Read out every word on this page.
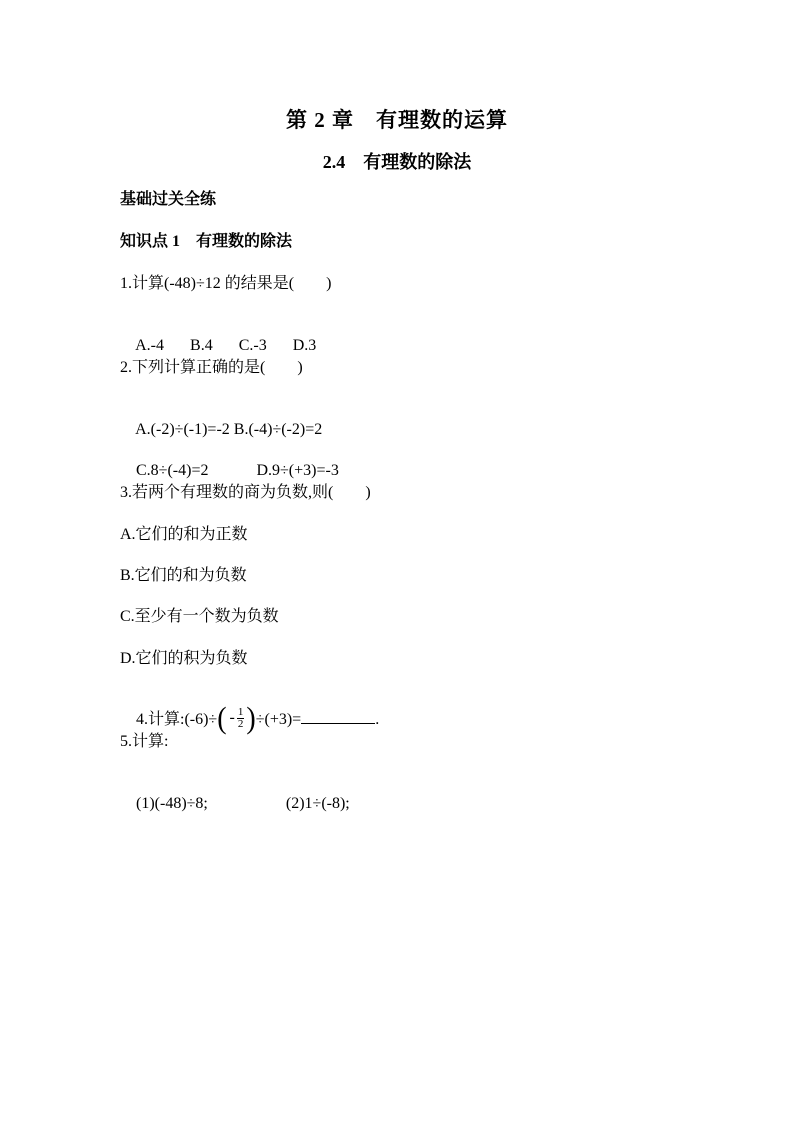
第 2 章　有理数的运算
2.4　有理数的除法
基础过关全练
知识点 1　有理数的除法
1.计算(-48)÷12 的结果是(　　)

A.-4 B.4 C.-3 D.3

2.下列计算正确的是(　　)

A.(-2)÷(-1)=-2 B.(-4)÷(-2)=2

C.8÷(-4)=2	D.9÷(+3)=-3

3.若两个有理数的商为负数,则(　　)
A.它们的和为正数
B.它们的和为负数
C.至少有一个数为负数
D.它们的积为负数

4.计算:(-6)÷( - $\frac{1}{2} )\div(+3)=$	.

5.计算:

(1)(-48)÷8;	(2)1÷(-8);
